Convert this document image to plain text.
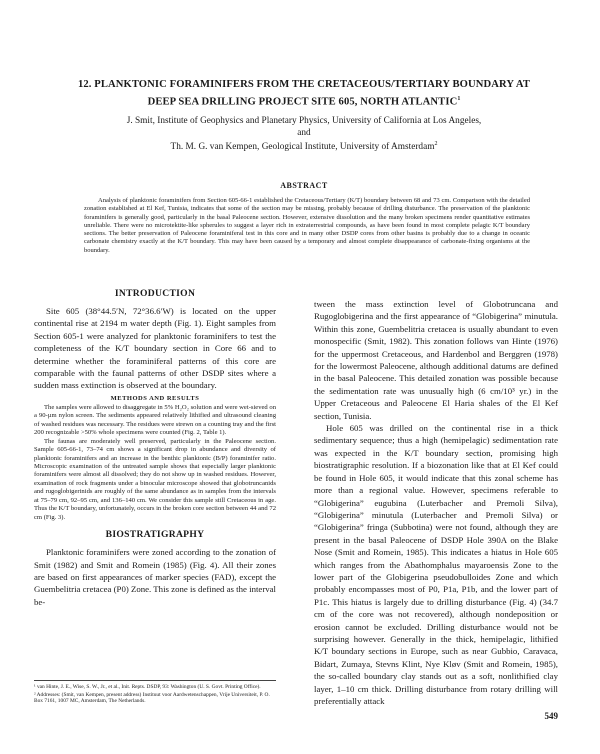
12. PLANKTONIC FORAMINIFERS FROM THE CRETACEOUS/TERTIARY BOUNDARY AT
DEEP SEA DRILLING PROJECT SITE 605, NORTH ATLANTIC$^1$
J. Smit, Institute of Geophysics and Planetary Physics, University of California at Los Angeles,
and
Th. M. G. van Kempen, Geological Institute, University of Amsterdam$^2$
ABSTRACT

Analysis of planktonic foraminifers from Section 605-66-1 established the Cretaceous/Tertiary (K/T) boundary between 68 and 73 cm. Comparison with the detailed zonation established at El Kef, Tunisia, indicates that some of the section may be missing, probably because of drilling disturbance. The preservation of the planktonic foraminifers is generally good, particularly in the basal Paleocene section. However, extensive dissolution and the many broken specimens render quantitative estimates unreliable. There were no microtektite-like spherules to suggest a layer rich in extraterrestrial compounds, as have been found in most complete pelagic K/T boundary sections. The better preservation of Paleocene foraminiferal test in this core and in many other DSDP cores from other basins is probably due to a change in oceanic carbonate chemistry exactly at the K/T boundary. This may have been caused by a temporary and almost complete disappearance of carbonate-fixing organisms at the boundary.

INTRODUCTION

Site 605 (38°44.5′N, 72°36.6′W) is located on the upper continental rise at 2194 m water depth (Fig. 1). Eight samples from Section 605-1 were analyzed for planktonic foraminifers to test the completeness of the K/T boundary section in Core 66 and to determine whether the foraminiferal patterns of this core are comparable with the faunal patterns of other DSDP sites where a sudden mass extinction is observed at the boundary.

METHODS AND RESULTS

The samples were allowed to disaggregate in 5% H₂O₂ solution and were wet-sieved on a 90-µm nylon screen. The sediments appeared relatively lithified and ultrasound cleaning of washed residues was necessary. The residues were strewn on a counting tray and the first 200 recognizable >50% whole specimens were counted (Fig. 2, Table 1).

The faunas are moderately well preserved, particularly in the Paleocene section. Sample 605-66-1, 73–74 cm shows a significant drop in abundance and diversity of planktonic foraminifers and an increase in the benthic planktonic (B/P) foraminifer ratio. Microscopic examination of the untreated sample shows that especially larger planktonic foraminifers were almost all dissolved; they do not show up in washed residues. However, examination of rock fragments under a binocular microscope showed that globotruncanids and rugoglobigerinids are roughly of the same abundance as in samples from the intervals at 75–79 cm, 92–95 cm, and 136–140 cm. We consider this sample still Cretaceous in age. Thus the K/T boundary, unfortunately, occurs in the broken core section between 44 and 72 cm (Fig. 3).

BIOSTRATIGRAPHY

Planktonic foraminifers were zoned according to the zonation of Smit (1982) and Smit and Romein (1985) (Fig. 4). All their zones are based on first appearances of marker species (FAD), except the Guembelitria cretacea (P0) Zone. This zone is defined as the interval be-

¹ van Hinte, J. E., Wise, S. W., Jr., et al., Init. Repts. DSDP, 93: Washington (U. S. Govt. Printing Office).

² Addresses: (Smit, van Kempen, present address) Instituut voor Aardwetenschappen, Vrije Universiteit, P. O. Box 7161, 1007 MC, Amsterdam, The Netherlands.

tween the mass extinction level of Globotruncana and Rugoglobigerina and the first appearance of “Globigerina” minutula. Within this zone, Guembelitria cretacea is usually abundant to even monospecific (Smit, 1982). This zonation follows van Hinte (1976) for the uppermost Cretaceous, and Hardenbol and Berggren (1978) for the lowermost Paleocene, although additional datums are defined in the basal Paleocene. This detailed zonation was possible because the sedimentation rate was unusually high (6 cm/10³ yr.) in the Upper Cretaceous and Paleocene El Haria shales of the El Kef section, Tunisia.

Hole 605 was drilled on the continental rise in a thick sedimentary sequence; thus a high (hemipelagic) sedimentation rate was expected in the K/T boundary section, promising high biostratigraphic resolution. If a biozonation like that at El Kef could be found in Hole 605, it would indicate that this zonal scheme has more than a regional value. However, specimens referable to “Globigerina” eugubina (Luterbacher and Premoli Silva), “Globigerina” minutula (Luterbacher and Premoli Silva) or “Globigerina” fringa (Subbotina) were not found, although they are present in the basal Paleocene of DSDP Hole 390A on the Blake Nose (Smit and Romein, 1985). This indicates a hiatus in Hole 605 which ranges from the Abathomphalus mayaroensis Zone to the lower part of the Globigerina pseudobulloides Zone and which probably encompasses most of P0, P1a, P1b, and the lower part of P1c. This hiatus is largely due to drilling disturbance (Fig. 4) (34.7 cm of the core was not recovered), although nondeposition or erosion cannot be excluded. Drilling disturbance would not be surprising however. Generally in the thick, hemipelagic, lithified K/T boundary sections in Europe, such as near Gubbio, Caravaca, Bidart, Zumaya, Stevns Klint, Nye Kløv (Smit and Romein, 1985), the so-called boundary clay stands out as a soft, nonlithified clay layer, 1–10 cm thick. Drilling disturbance from rotary drilling will preferentially attack

549
